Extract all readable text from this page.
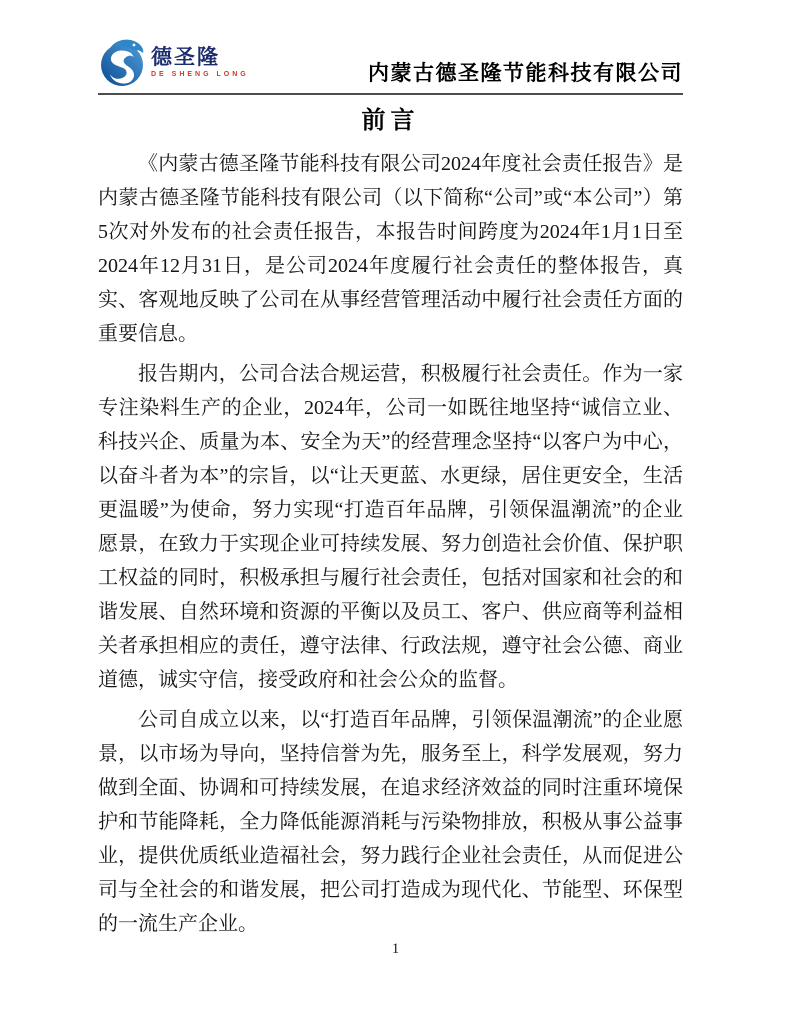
德圣隆
DE SHENG LONG	内蒙古德圣隆节能科技有限公司
前言

《内蒙古德圣隆节能科技有限公司2024年度社会责任报告》是内蒙古德圣隆节能科技有限公司（以下简称“公司”或“本公司”）第5次对外发布的社会责任报告，本报告时间跨度为2024年1月1日至2024年12月31日，是公司2024年度履行社会责任的整体报告，真实、客观地反映了公司在从事经营管理活动中履行社会责任方面的重要信息。

报告期内，公司合法合规运营，积极履行社会责任。作为一家专注染料生产的企业，2024年，公司一如既往地坚持“诚信立业、科技兴企、质量为本、安全为天”的经营理念坚持“以客户为中心，以奋斗者为本”的宗旨，以“让天更蓝、水更绿，居住更安全，生活更温暖”为使命，努力实现“打造百年品牌，引领保温潮流”的企业愿景，在致力于实现企业可持续发展、努力创造社会价值、保护职工权益的同时，积极承担与履行社会责任，包括对国家和社会的和谐发展、自然环境和资源的平衡以及员工、客户、供应商等利益相关者承担相应的责任，遵守法律、行政法规，遵守社会公德、商业道德，诚实守信，接受政府和社会公众的监督。

公司自成立以来，以“打造百年品牌，引领保温潮流”的企业愿景，以市场为导向，坚持信誉为先，服务至上，科学发展观，努力做到全面、协调和可持续发展，在追求经济效益的同时注重环境保护和节能降耗，全力降低能源消耗与污染物排放，积极从事公益事业，提供优质纸业造福社会，努力践行企业社会责任，从而促进公司与全社会的和谐发展，把公司打造成为现代化、节能型、环保型的一流生产企业。

1
